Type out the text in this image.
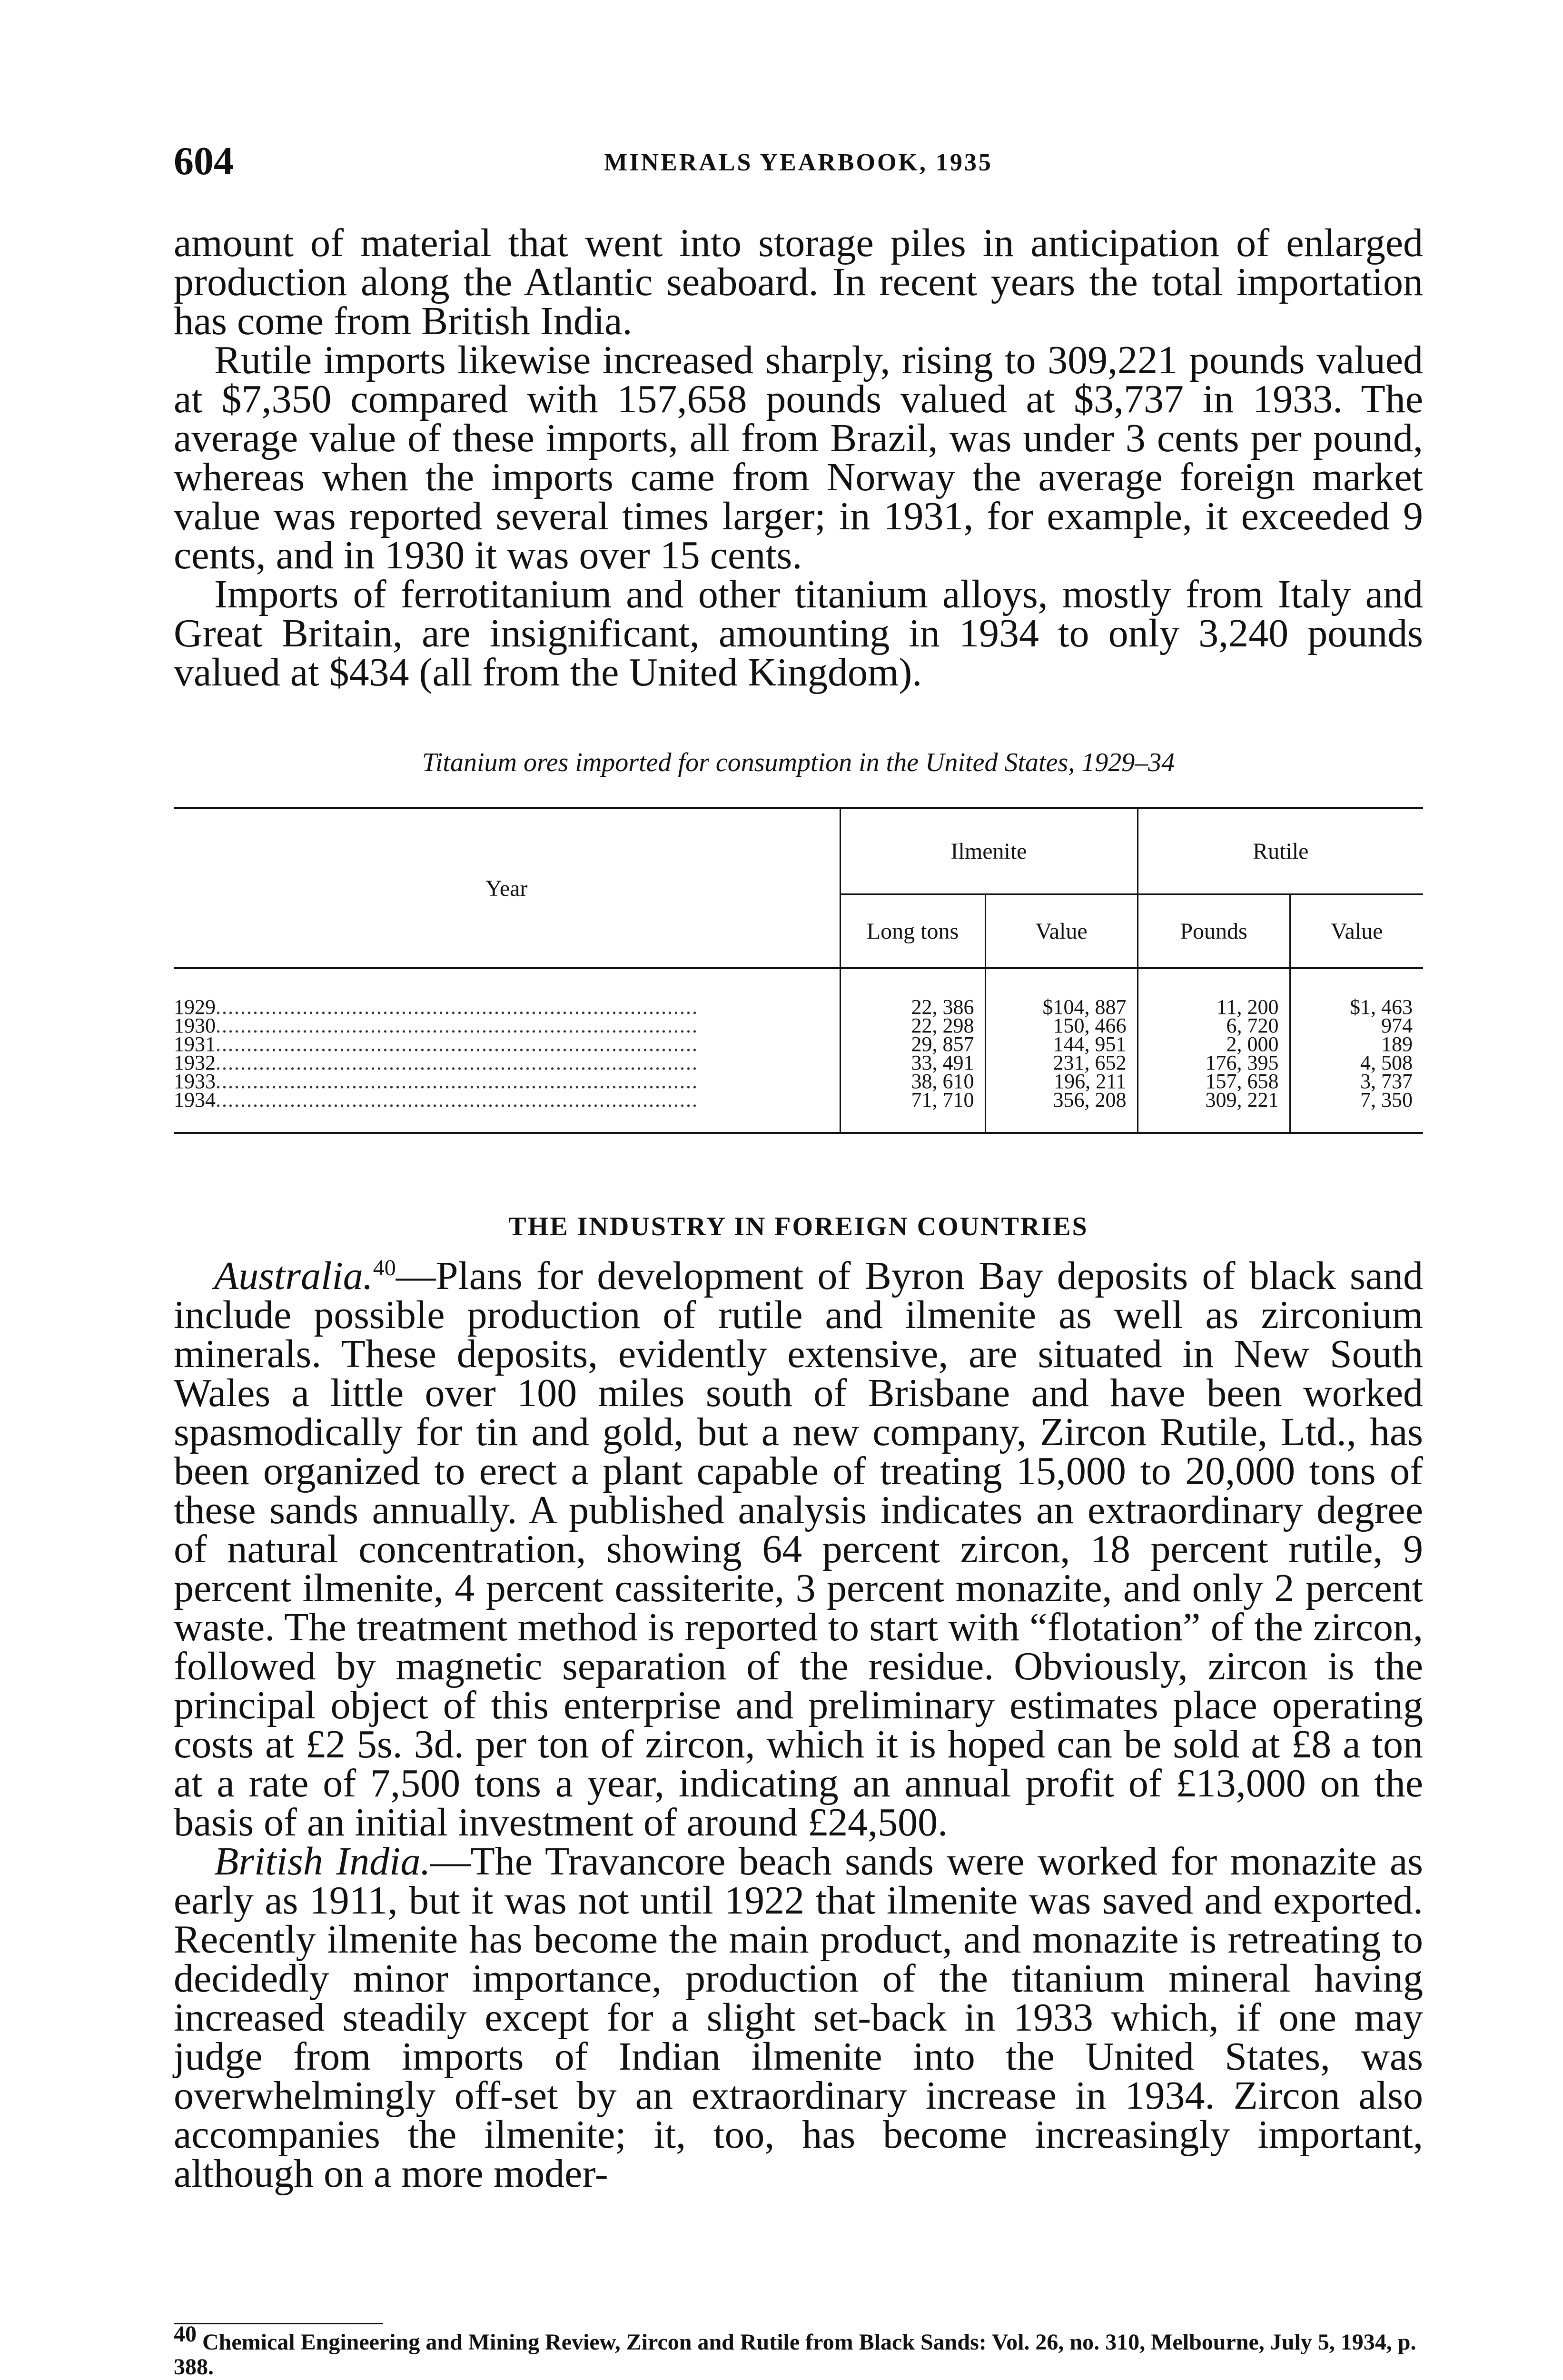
604	MINERALS YEARBOOK, 1935

amount of material that went into storage piles in anticipation of enlarged production along the Atlantic seaboard. In recent years the total importation has come from British India.

Rutile imports likewise increased sharply, rising to 309,221 pounds valued at $7,350 compared with 157,658 pounds valued at $3,737 in 1933. The average value of these imports, all from Brazil, was under 3 cents per pound, whereas when the imports came from Norway the average foreign market value was reported several times larger; in 1931, for example, it exceeded 9 cents, and in 1930 it was over 15 cents.

Imports of ferrotitanium and other titanium alloys, mostly from Italy and Great Britain, are insignificant, amounting in 1934 to only 3,240 pounds valued at $434 (all from the United Kingdom).

Titanium ores imported for consumption in the United States, 1929–34
Year	Ilmenite		Rutile	
	Long tons	Value	Pounds	Value

1929..............................................................................	22, 386	$104, 887	11, 200	$1, 463
1930..............................................................................	22, 298	150, 466	6, 720	974
1931..............................................................................	29, 857	144, 951	2, 000	189
1932..............................................................................	33, 491	231, 652	176, 395	4, 508
1933..............................................................................	38, 610	196, 211	157, 658	3, 737
1934..............................................................................	71, 710	356, 208	309, 221	7, 350

THE INDUSTRY IN FOREIGN COUNTRIES

Australia.$^{40}$—Plans for development of Byron Bay deposits of black sand include possible production of rutile and ilmenite as well as zirconium minerals. These deposits, evidently extensive, are situated in New South Wales a little over 100 miles south of Brisbane and have been worked spasmodically for tin and gold, but a new company, Zircon Rutile, Ltd., has been organized to erect a plant capable of treating 15,000 to 20,000 tons of these sands annually. A published analysis indicates an extraordinary degree of natural concentration, showing 64 percent zircon, 18 percent rutile, 9 percent ilmenite, 4 percent cassiterite, 3 percent monazite, and only 2 percent waste. The treatment method is reported to start with “flotation” of the zircon, followed by magnetic separation of the residue. Obviously, zircon is the principal object of this enterprise and preliminary estimates place operating costs at £2 5s. 3d. per ton of zircon, which it is hoped can be sold at £8 a ton at a rate of 7,500 tons a year, indicating an annual profit of £13,000 on the basis of an initial investment of around £24,500.

British India.—The Travancore beach sands were worked for monazite as early as 1911, but it was not until 1922 that ilmenite was saved and exported. Recently ilmenite has become the main product, and monazite is retreating to decidedly minor importance, production of the titanium mineral having increased steadily except for a slight set-back in 1933 which, if one may judge from imports of Indian ilmenite into the United States, was overwhelmingly off-set by an extraordinary increase in 1934. Zircon also accompanies the ilmenite; it, too, has become increasingly important, although on a more moder-

$^{40}$ Chemical Engineering and Mining Review, Zircon and Rutile from Black Sands: Vol. 26, no. 310, Melbourne, July 5, 1934, p. 388.
